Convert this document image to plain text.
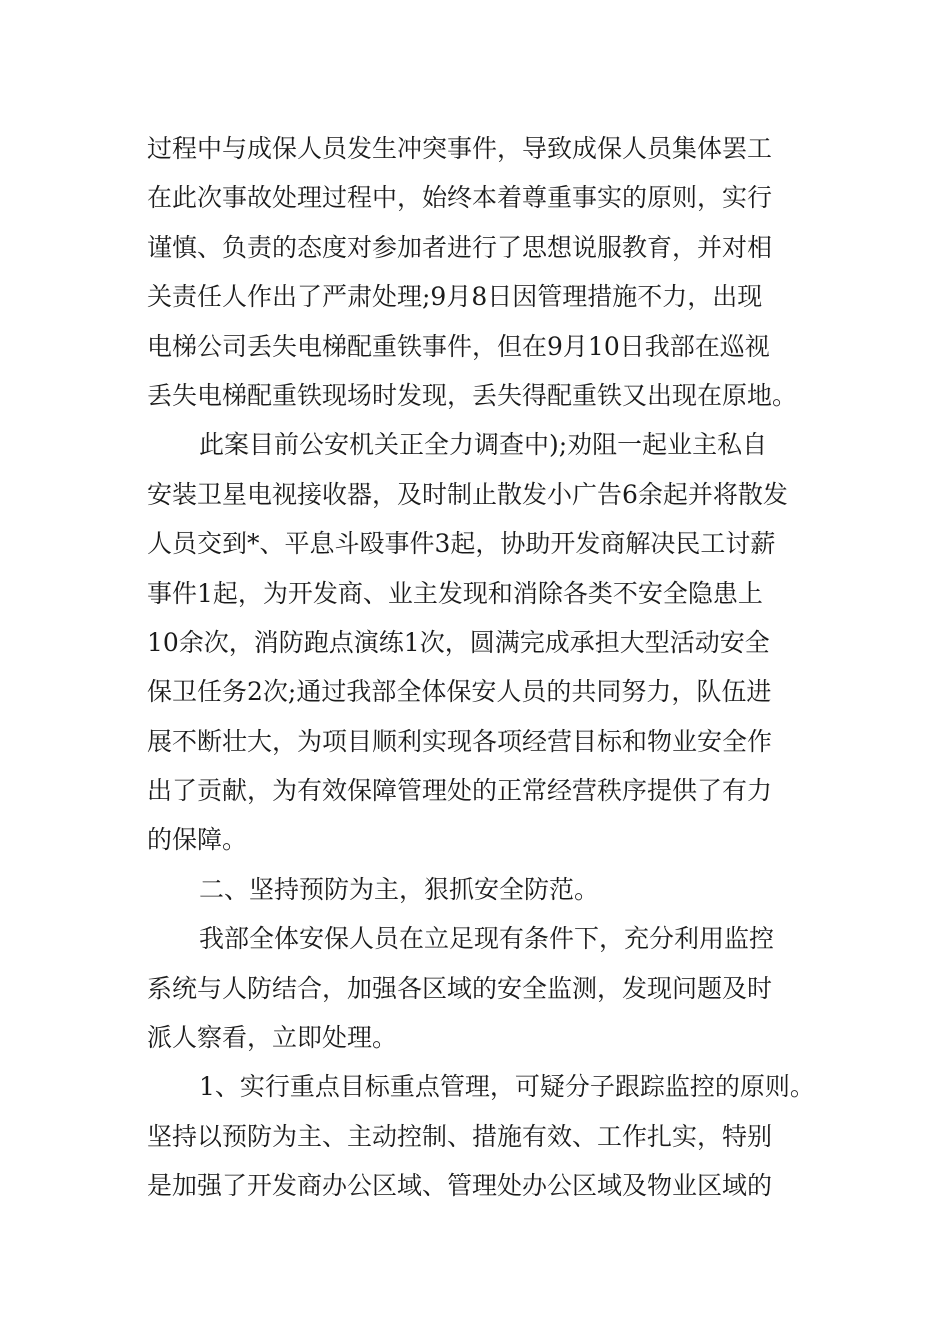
过程中与成保人员发生冲突事件，导致成保人员集体罢工
在此次事故处理过程中，始终本着尊重事实的原则，实行
谨慎、负责的态度对参加者进行了思想说服教育，并对相
关责任人作出了严肃处理;9月8日因管理措施不力，出现
电梯公司丢失电梯配重铁事件，但在9月10日我部在巡视
丢失电梯配重铁现场时发现，丢失得配重铁又出现在原地。
此案目前公安机关正全力调查中);劝阻一起业主私自
安装卫星电视接收器，及时制止散发小广告6余起并将散发
人员交到*、平息斗殴事件3起，协助开发商解决民工讨薪
事件1起，为开发商、业主发现和消除各类不安全隐患上
10余次，消防跑点演练1次，圆满完成承担大型活动安全
保卫任务2次;通过我部全体保安人员的共同努力，队伍进
展不断壮大，为项目顺利实现各项经营目标和物业安全作
出了贡献，为有效保障管理处的正常经营秩序提供了有力
的保障。
二、坚持预防为主，狠抓安全防范。
我部全体安保人员在立足现有条件下，充分利用监控
系统与人防结合，加强各区域的安全监测，发现问题及时
派人察看，立即处理。
1、实行重点目标重点管理，可疑分子跟踪监控的原则。
坚持以预防为主、主动控制、措施有效、工作扎实，特别
是加强了开发商办公区域、管理处办公区域及物业区域的
